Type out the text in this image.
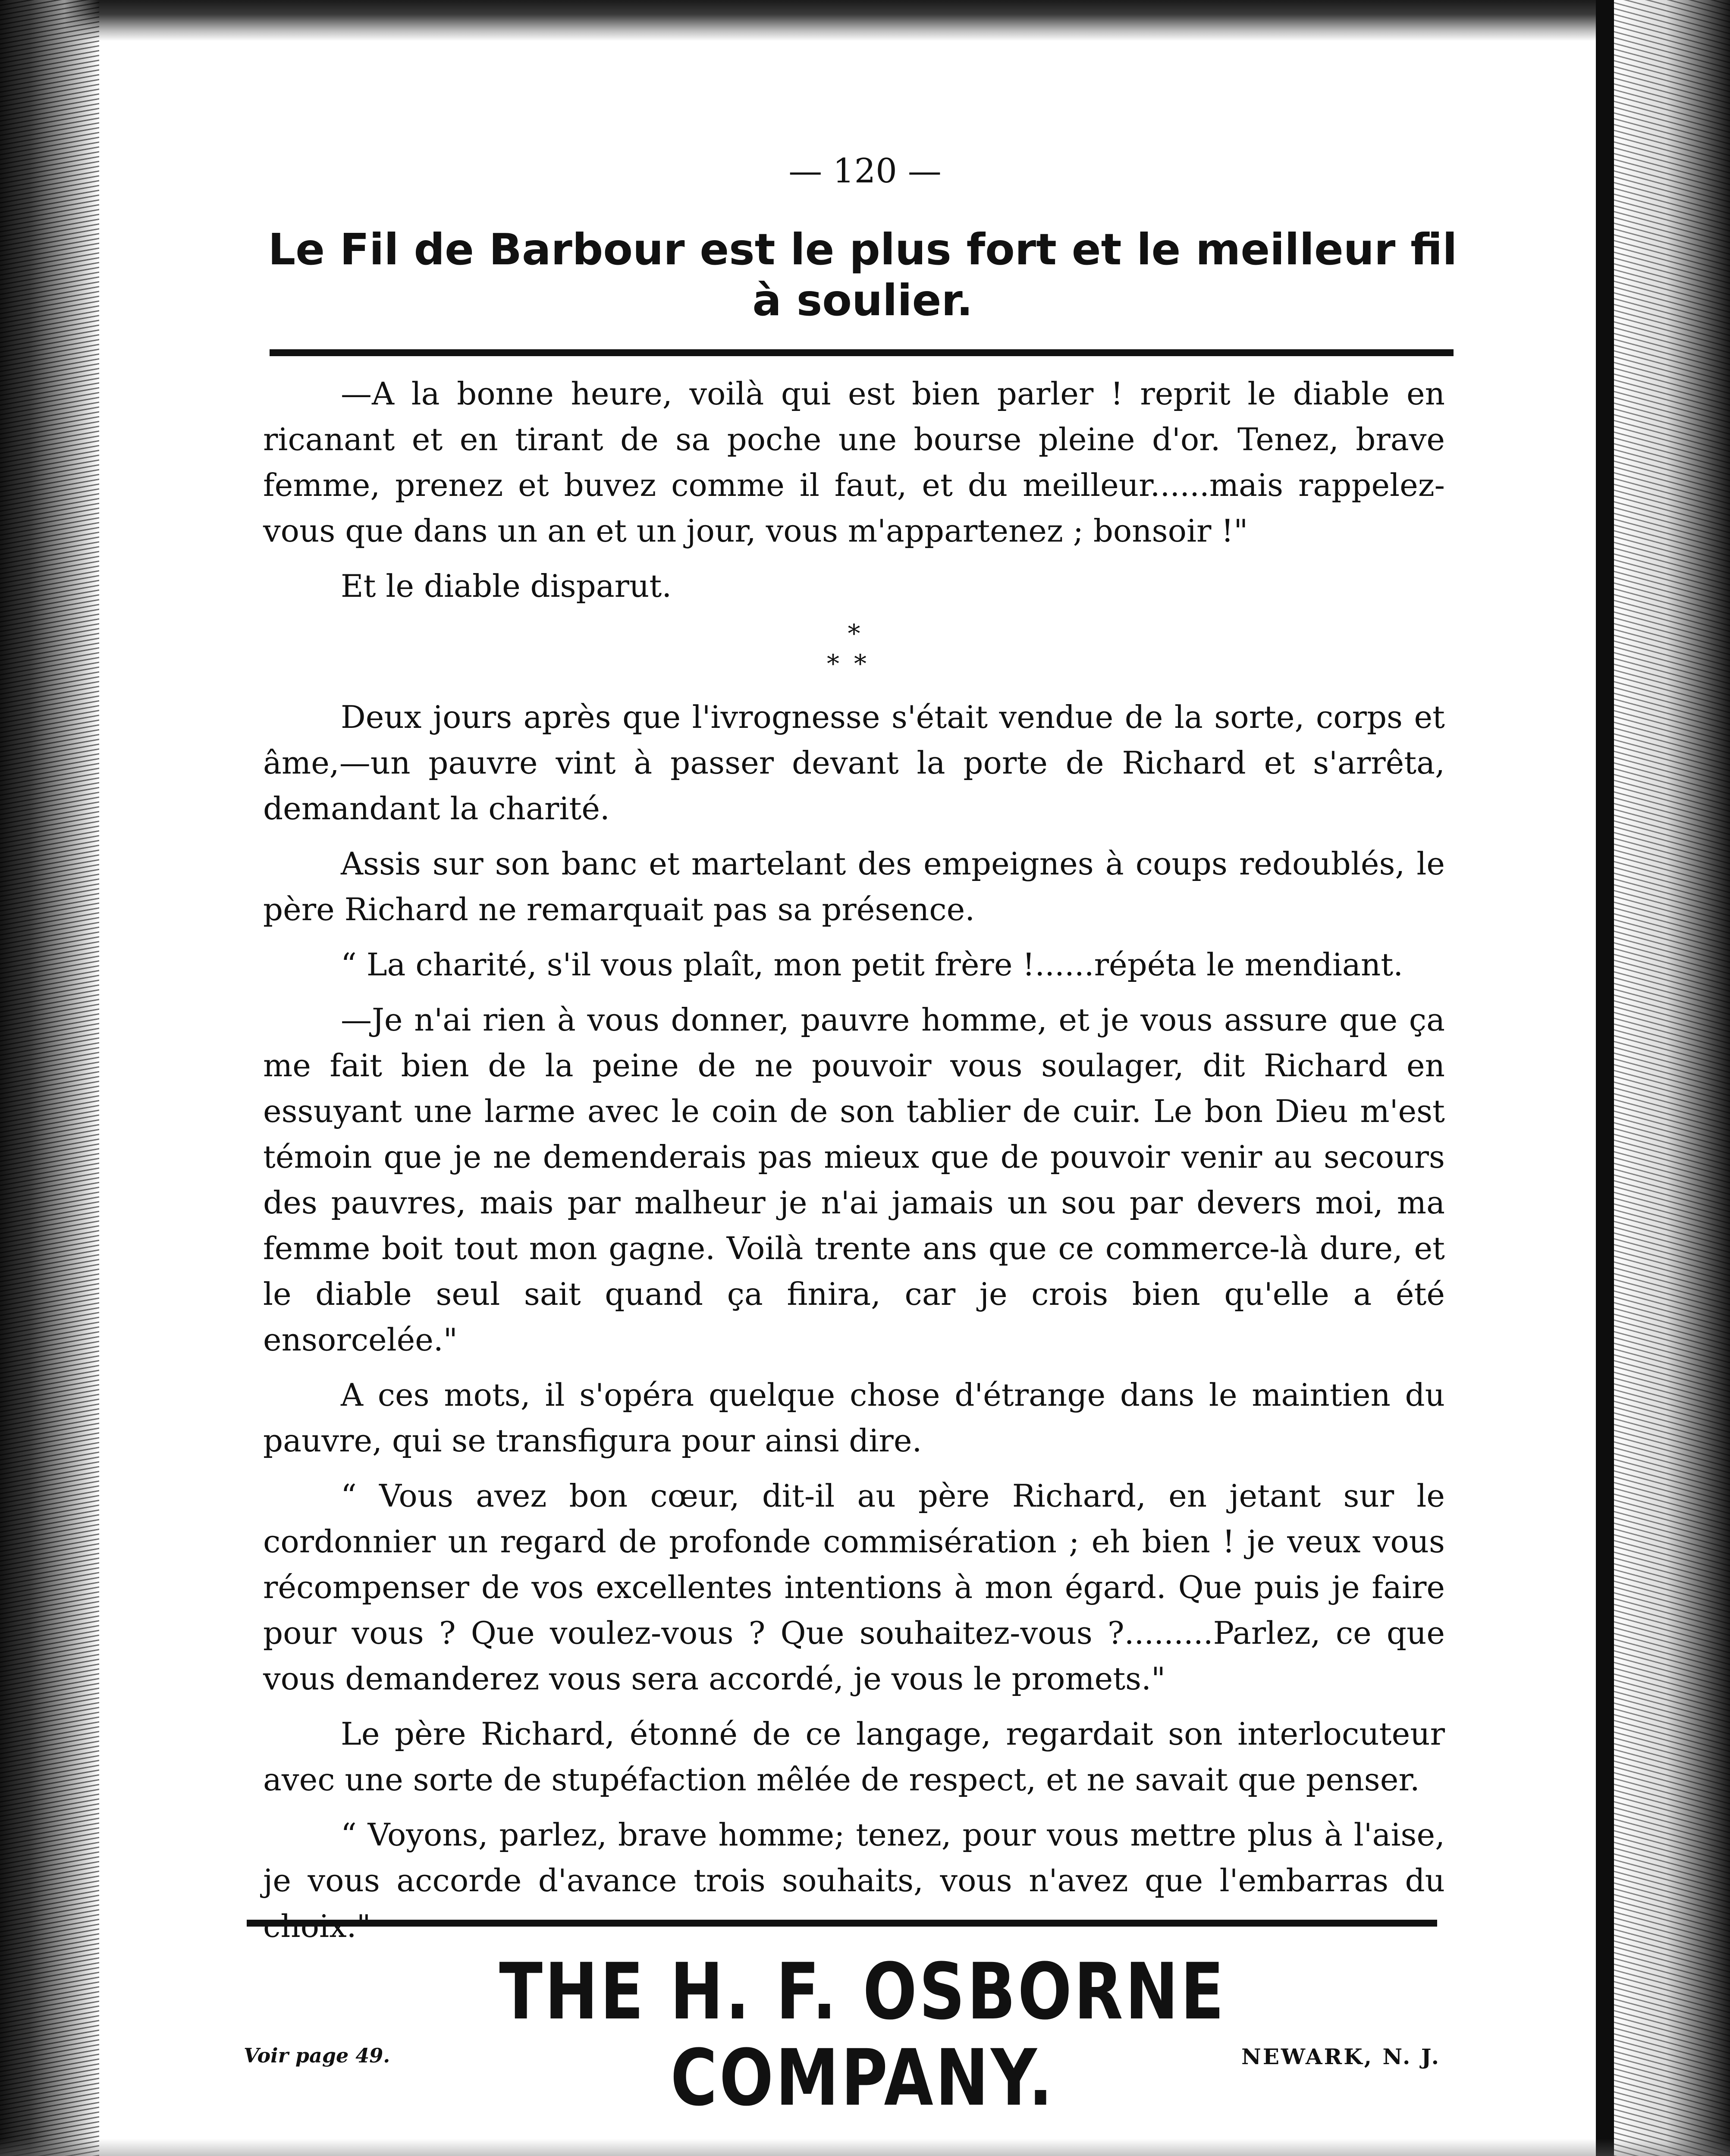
— 120 —
Le Fil de Barbour est le plus fort et le meilleur fil à soulier.

—A la bonne heure, voilà qui est bien parler ! reprit le diable en ricanant et en tirant de sa poche une bourse pleine d'or. Tenez, brave femme, prenez et buvez comme il faut, et du meilleur......mais rappelez-vous que dans un an et un jour, vous m'appartenez ; bonsoir !"

Et le diable disparut.

*
**

Deux jours après que l'ivrognesse s'était vendue de la sorte, corps et âme,—un pauvre vint à passer devant la porte de Richard et s'arrêta, demandant la charité.

Assis sur son banc et martelant des empeignes à coups redoublés, le père Richard ne remarquait pas sa présence.

“ La charité, s'il vous plaît, mon petit frère !......répéta le mendiant.

—Je n'ai rien à vous donner, pauvre homme, et je vous assure que ça me fait bien de la peine de ne pouvoir vous soulager, dit Richard en essuyant une larme avec le coin de son tablier de cuir. Le bon Dieu m'est témoin que je ne demenderais pas mieux que de pouvoir venir au secours des pauvres, mais par malheur je n'ai jamais un sou par devers moi, ma femme boit tout mon gagne. Voilà trente ans que ce commerce-là dure, et le diable seul sait quand ça finira, car je crois bien qu'elle a été ensorcelée."

A ces mots, il s'opéra quelque chose d'étrange dans le maintien du pauvre, qui se transfigura pour ainsi dire.

“ Vous avez bon cœur, dit-il au père Richard, en jetant sur le cordonnier un regard de profonde commisération ; eh bien ! je veux vous récompenser de vos excellentes intentions à mon égard. Que puis je faire pour vous ? Que voulez-vous ? Que souhaitez-vous ?.........Parlez, ce que vous demanderez vous sera accordé, je vous le promets."

Le père Richard, étonné de ce langage, regardait son interlocuteur avec une sorte de stupéfaction mêlée de respect, et ne savait que penser.

“ Voyons, parlez, brave homme; tenez, pour vous mettre plus à l'aise, je vous accorde d'avance trois souhaits, vous n'avez que l'embarras du

THE H. F. OSBORNE COMPANY.
Voir page 49.	NEWARK, N. J.
